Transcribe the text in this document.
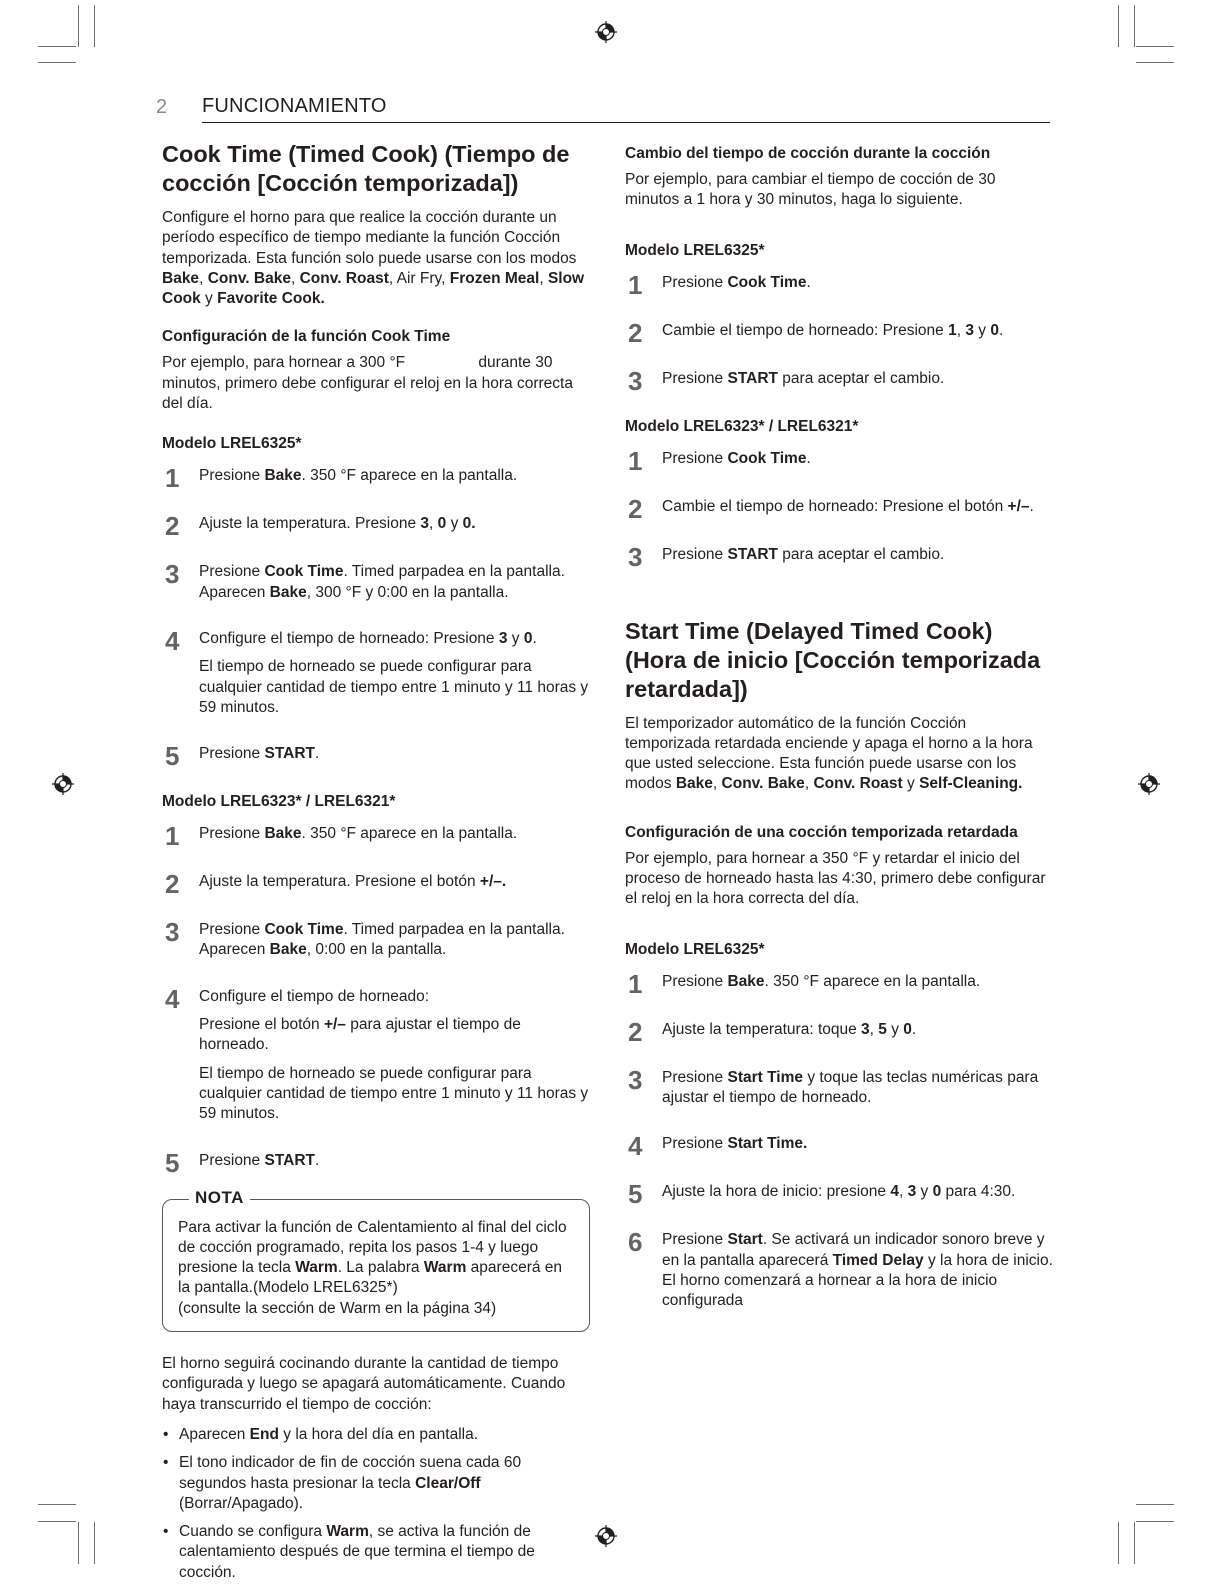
2 FUNCIONAMIENTO
Cook Time (Timed Cook) (Tiempo de cocción [Cocción temporizada])

Configure el horno para que realice la cocción durante un período específico de tiempo mediante la función Cocción temporizada. Esta función solo puede usarse con los modos Bake, Conv. Bake, Conv. Roast, Air Fry, Frozen Meal, Slow Cook y Favorite Cook.

Configuración de la función Cook Time

Por ejemplo, para hornear a 300 °F                 durante 30 minutos, primero debe configurar el reloj en la hora correcta del día.

Modelo LREL6325*
1 Presione Bake. 350 °F aparece en la pantalla.
2 Ajuste la temperatura. Presione 3, 0 y 0.
3 Presione Cook Time. Timed parpadea en la pantalla. Aparecen Bake, 300 °F y 0:00 en la pantalla.
4 Configure el tiempo de horneado: Presione 3 y 0.
El tiempo de horneado se puede configurar para cualquier cantidad de tiempo entre 1 minuto y 11 horas y 59 minutos.
5 Presione START.
Modelo LREL6323* / LREL6321*
1 Presione Bake. 350 °F aparece en la pantalla.
2 Ajuste la temperatura. Presione el botón +/–.
3 Presione Cook Time. Timed parpadea en la pantalla. Aparecen Bake, 0:00 en la pantalla.
4 Configure el tiempo de horneado:
Presione el botón +/– para ajustar el tiempo de horneado.
El tiempo de horneado se puede configurar para cualquier cantidad de tiempo entre 1 minuto y 11 horas y 59 minutos.
5 Presione START.
NOTA
Para activar la función de Calentamiento al final del ciclo de cocción programado, repita los pasos 1-4 y luego presione la tecla Warm. La palabra Warm aparecerá en la pantalla.(Modelo LREL6325*)
(consulte la sección de Warm en la página 34)

El horno seguirá cocinando durante la cantidad de tiempo configurada y luego se apagará automáticamente. Cuando haya transcurrido el tiempo de cocción:

• Aparecen End y la hora del día en pantalla.
• El tono indicador de fin de cocción suena cada 60 segundos hasta presionar la tecla Clear/Off (Borrar/Apagado).
• Cuando se configura Warm, se activa la función de calentamiento después de que termina el tiempo de cocción.
Cambio del tiempo de cocción durante la cocción

Por ejemplo, para cambiar el tiempo de cocción de 30 minutos a 1 hora y 30 minutos, haga lo siguiente.

Modelo LREL6325*
1 Presione Cook Time.
2 Cambie el tiempo de horneado: Presione 1, 3 y 0.
3 Presione START para aceptar el cambio.
Modelo LREL6323* / LREL6321*
1 Presione Cook Time.
2 Cambie el tiempo de horneado: Presione el botón +/–.
3 Presione START para aceptar el cambio.
Start Time (Delayed Timed Cook) (Hora de inicio [Cocción temporizada retardada])

El temporizador automático de la función Cocción temporizada retardada enciende y apaga el horno a la hora que usted seleccione. Esta función puede usarse con los modos Bake, Conv. Bake, Conv. Roast y Self-Cleaning.

Configuración de una cocción temporizada retardada

Por ejemplo, para hornear a 350 °F y retardar el inicio del proceso de horneado hasta las 4:30, primero debe configurar el reloj en la hora correcta del día.

Modelo LREL6325*
1 Presione Bake. 350 °F aparece en la pantalla.
2 Ajuste la temperatura: toque 3, 5 y 0.
3 Presione Start Time y toque las teclas numéricas para ajustar el tiempo de horneado.
4 Presione Start Time.
5 Ajuste la hora de inicio: presione 4, 3 y 0 para 4:30.
6 Presione Start. Se activará un indicador sonoro breve y en la pantalla aparecerá Timed Delay y la hora de inicio. El horno comenzará a hornear a la hora de inicio configurada
